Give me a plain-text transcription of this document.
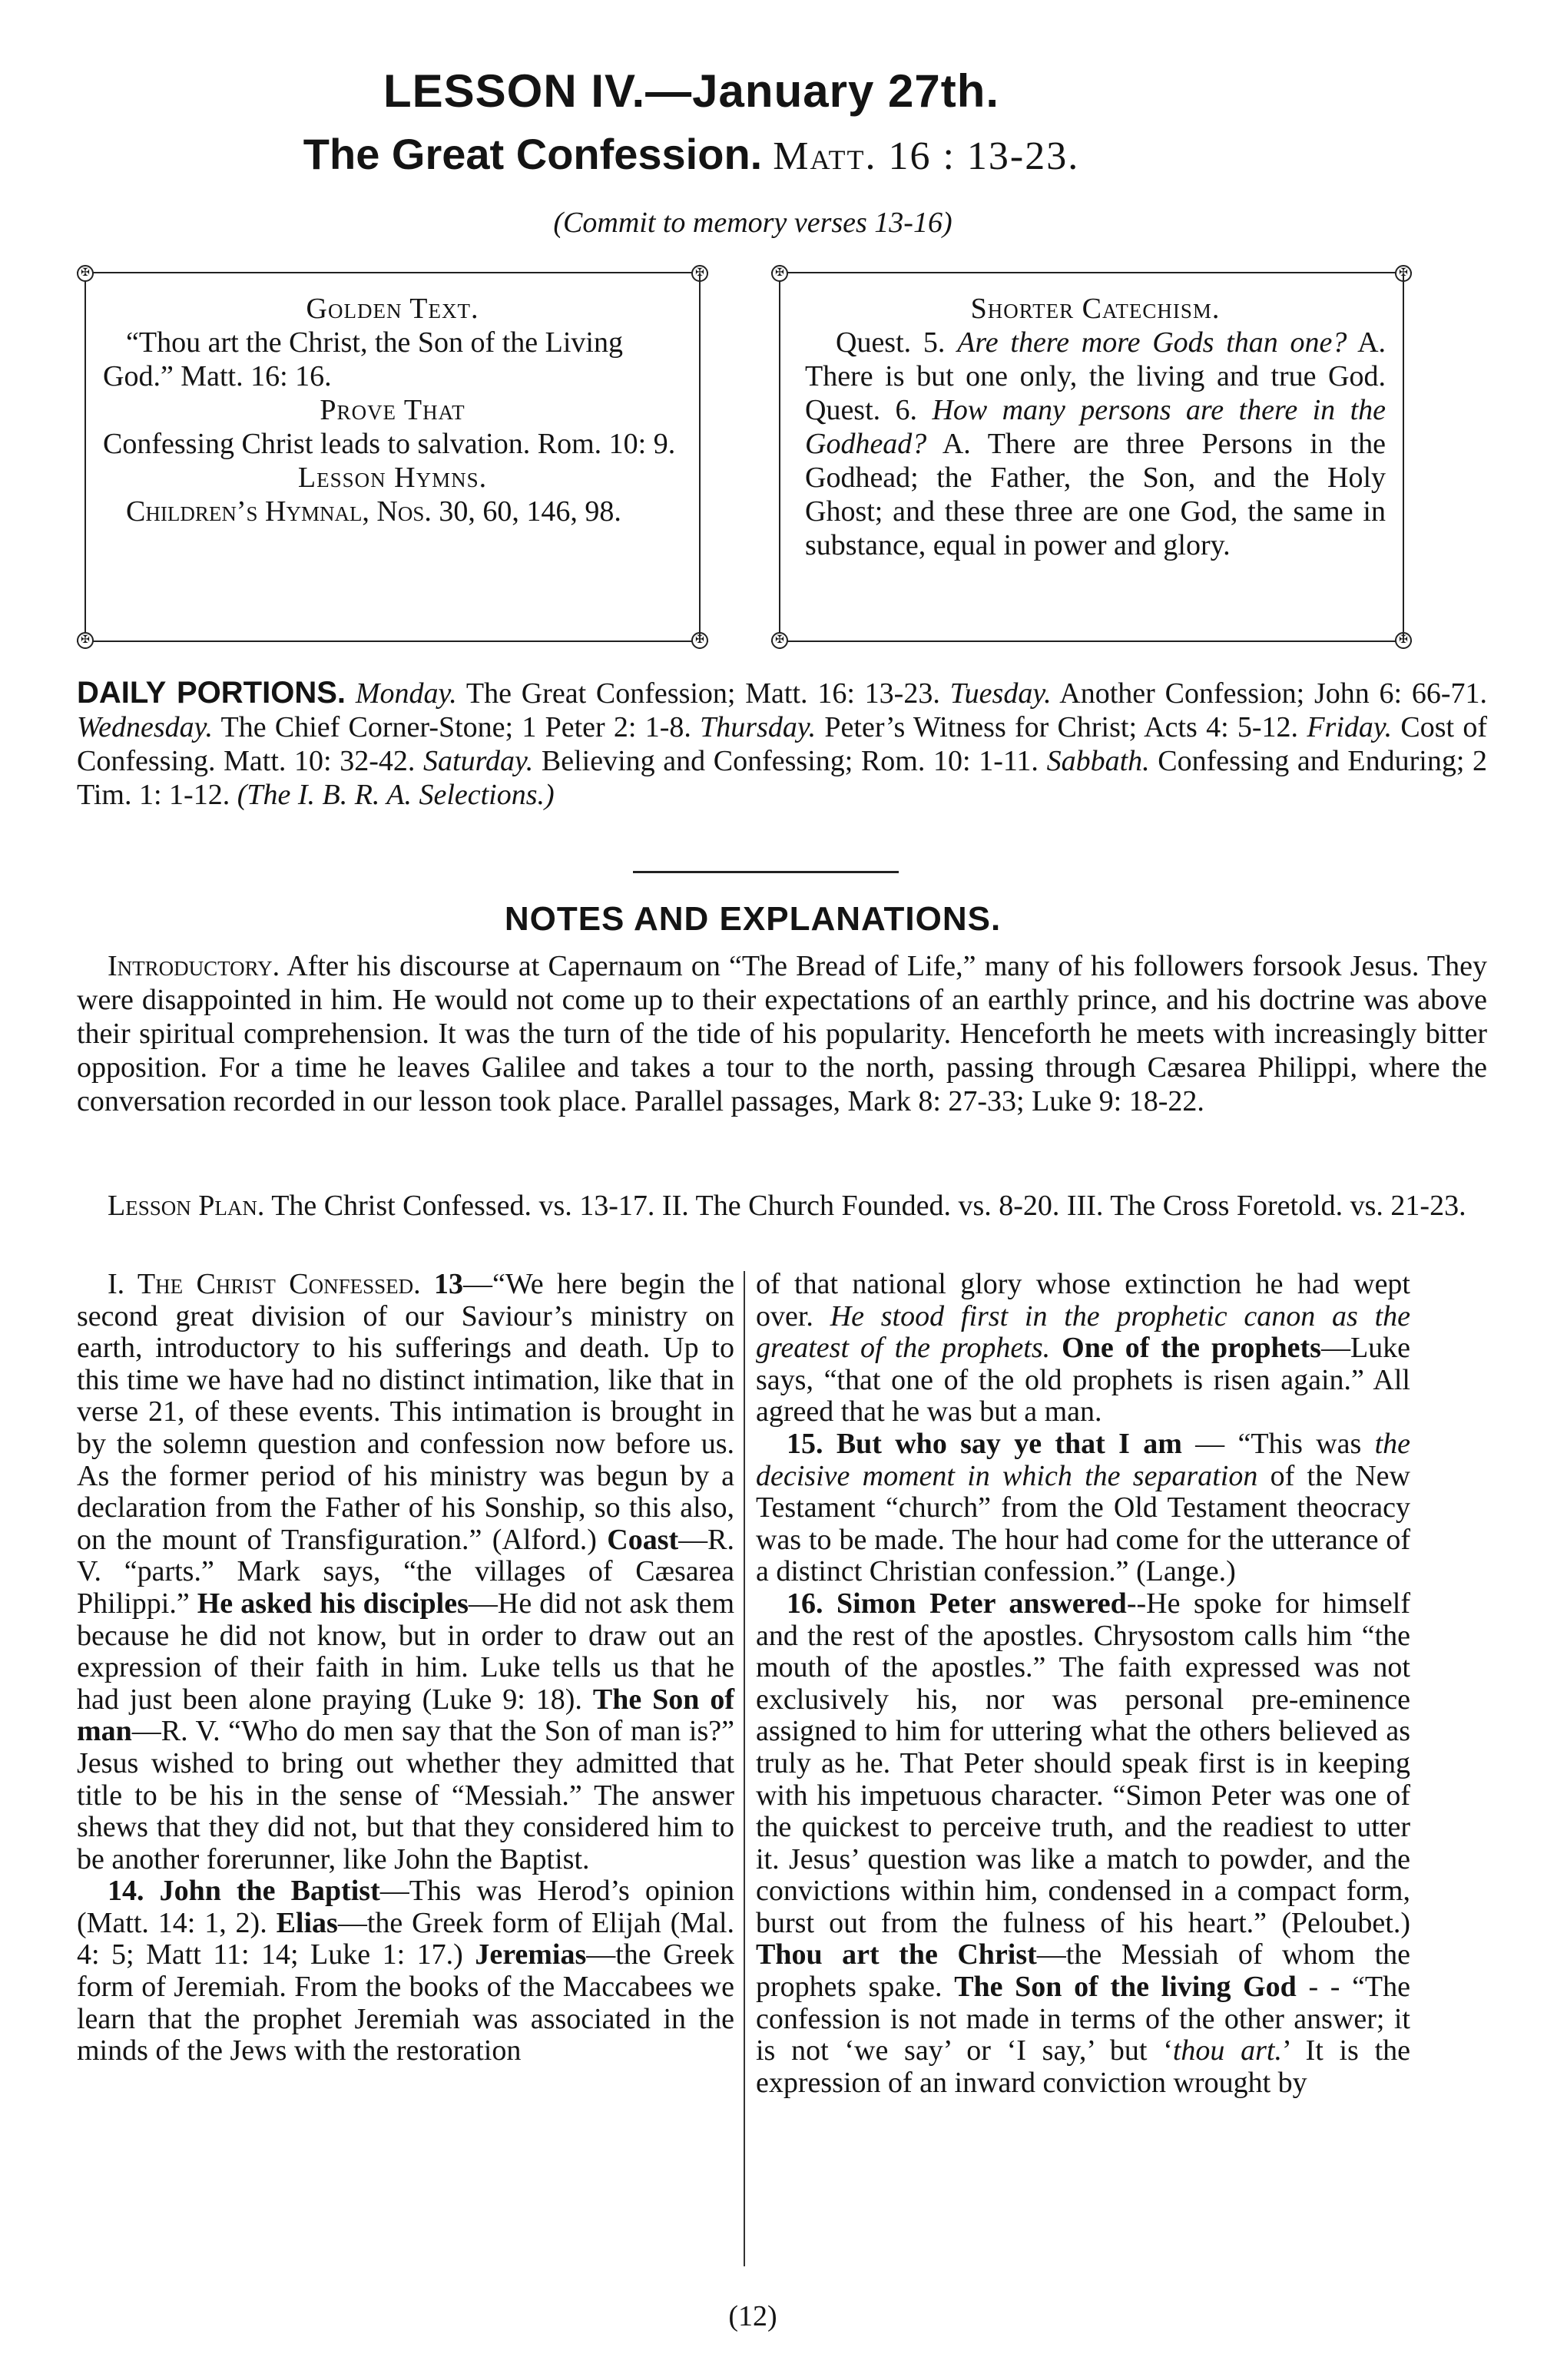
LESSON IV.—January 27th.
The Great Confession. Matt. 16 : 13-23.
(Commit to memory verses 13-16)
✠	✠
✠	✠

Golden Text.

“Thou art the Christ, the Son of the Living God.” Matt. 16: 16.

Prove That

Confessing Christ leads to salvation. Rom. 10: 9.

Lesson Hymns.

Children’s Hymnal, Nos. 30, 60, 146, 98.

✠	✠
✠	✠

Shorter Catechism.

Quest. 5. Are there more Gods than one? A. There is but one only, the living and true God. Quest. 6. How many persons are there in the Godhead? A. There are three Persons in the Godhead; the Father, the Son, and the Holy Ghost; and these three are one God, the same in substance, equal in power and glory.

DAILY PORTIONS. Monday. The Great Confession; Matt. 16: 13-23. Tuesday. Another Confession; John 6: 66-71. Wednesday. The Chief Corner-Stone; 1 Peter 2: 1-8. Thursday. Peter’s Witness for Christ; Acts 4: 5-12. Friday. Cost of Confessing. Matt. 10: 32-42. Saturday. Believing and Confessing; Rom. 10: 1-11. Sabbath. Confessing and Enduring; 2 Tim. 1: 1-12. (The I. B. R. A. Selections.)

NOTES AND EXPLANATIONS.

Introductory. After his discourse at Capernaum on “The Bread of Life,” many of his followers forsook Jesus. They were disappointed in him. He would not come up to their expectations of an earthly prince, and his doctrine was above their spiritual comprehension. It was the turn of the tide of his popularity. Henceforth he meets with increasingly bitter opposition. For a time he leaves Galilee and takes a tour to the north, passing through Cæsarea Philippi, where the conversation recorded in our lesson took place. Parallel passages, Mark 8: 27-33; Luke 9: 18-22.

Lesson Plan. The Christ Confessed. vs. 13-17. II. The Church Founded. vs. 8-20. III. The Cross Foretold. vs. 21-23.

I. The Christ Confessed. 13—“We here begin the second great division of our Saviour’s ministry on earth, introductory to his sufferings and death. Up to this time we have had no distinct intimation, like that in verse 21, of these events. This intimation is brought in by the solemn question and confession now before us. As the former period of his ministry was begun by a declaration from the Father of his Sonship, so this also, on the mount of Transfiguration.” (Alford.) Coast—R. V. “parts.” Mark says, “the villages of Cæsarea Philippi.” He asked his disciples—He did not ask them because he did not know, but in order to draw out an expression of their faith in him. Luke tells us that he had just been alone praying (Luke 9: 18). The Son of man—R. V. “Who do men say that the Son of man is?” Jesus wished to bring out whether they admitted that title to be his in the sense of “Messiah.” The answer shews that they did not, but that they considered him to be another forerunner, like John the Baptist.

14. John the Baptist—This was Herod’s opinion (Matt. 14: 1, 2). Elias—the Greek form of Elijah (Mal. 4: 5; Matt 11: 14; Luke 1: 17.) Jeremias—the Greek form of Jeremiah. From the books of the Maccabees we learn that the prophet Jeremiah was associated in the minds of the Jews with the restoration

of that national glory whose extinction he had wept over. He stood first in the prophetic canon as the greatest of the prophets. One of the prophets—Luke says, “that one of the old prophets is risen again.” All agreed that he was but a man.

15. But who say ye that I am — “This was the decisive moment in which the separation of the New Testament “church” from the Old Testament theocracy was to be made. The hour had come for the utterance of a distinct Christian confession.” (Lange.)

16. Simon Peter answered--He spoke for himself and the rest of the apostles. Chrysostom calls him “the mouth of the apostles.” The faith expressed was not exclusively his, nor was personal pre-eminence assigned to him for uttering what the others believed as truly as he. That Peter should speak first is in keeping with his impetuous character. “Simon Peter was one of the quickest to perceive truth, and the readiest to utter it. Jesus’ question was like a match to powder, and the convictions within him, condensed in a compact form, burst out from the fulness of his heart.” (Peloubet.) Thou art the Christ—the Messiah of whom the prophets spake. The Son of the living God - - “The confession is not made in terms of the other answer; it is not ‘we say’ or ‘I say,’ but ‘thou art.’ It is the expression of an inward conviction wrought by

(12)
